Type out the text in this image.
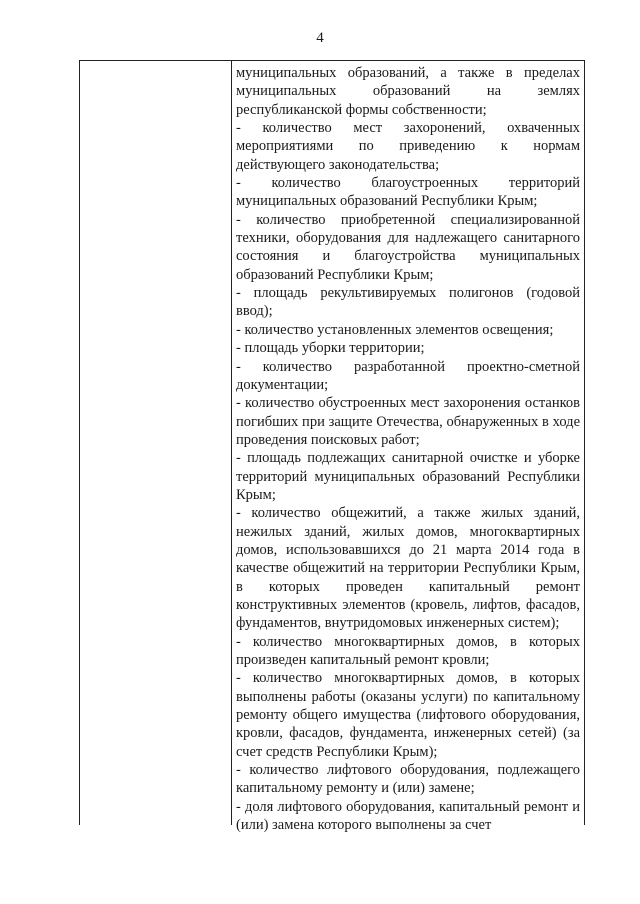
4

муниципальных образований, а также в пределах муниципальных образований на землях республиканской формы собственности;

- количество мест захоронений, охваченных мероприятиями по приведению к нормам действующего законодательства;

- количество благоустроенных территорий муниципальных образований Республики Крым;

- количество приобретенной специализированной техники, оборудования для надлежащего санитарного состояния и благоустройства муниципальных образований Республики Крым;

- площадь рекультивируемых полигонов (годовой ввод);

- количество установленных элементов освещения;

- площадь уборки территории;

- количество разработанной проектно-сметной документации;

- количество обустроенных мест захоронения останков погибших при защите Отечества, обнаруженных в ходе проведения поисковых работ;

- площадь подлежащих санитарной очистке и уборке территорий муниципальных образований Республики Крым;

- количество общежитий, а также жилых зданий, нежилых зданий, жилых домов, многоквартирных домов, использовавшихся до 21 марта 2014 года в качестве общежитий на территории Республики Крым, в которых проведен капитальный ремонт конструктивных элементов (кровель, лифтов, фасадов, фундаментов, внутридомовых инженерных систем);

- количество многоквартирных домов, в которых произведен капитальный ремонт кровли;

- количество многоквартирных домов, в которых выполнены работы (оказаны услуги) по капитальному ремонту общего имущества (лифтового оборудования, кровли, фасадов, фундамента, инженерных сетей) (за счет средств Республики Крым);

- количество лифтового оборудования, подлежащего капитальному ремонту и (или) замене;

- доля лифтового оборудования, капитальный ремонт и (или) замена которого выполнены за счет
